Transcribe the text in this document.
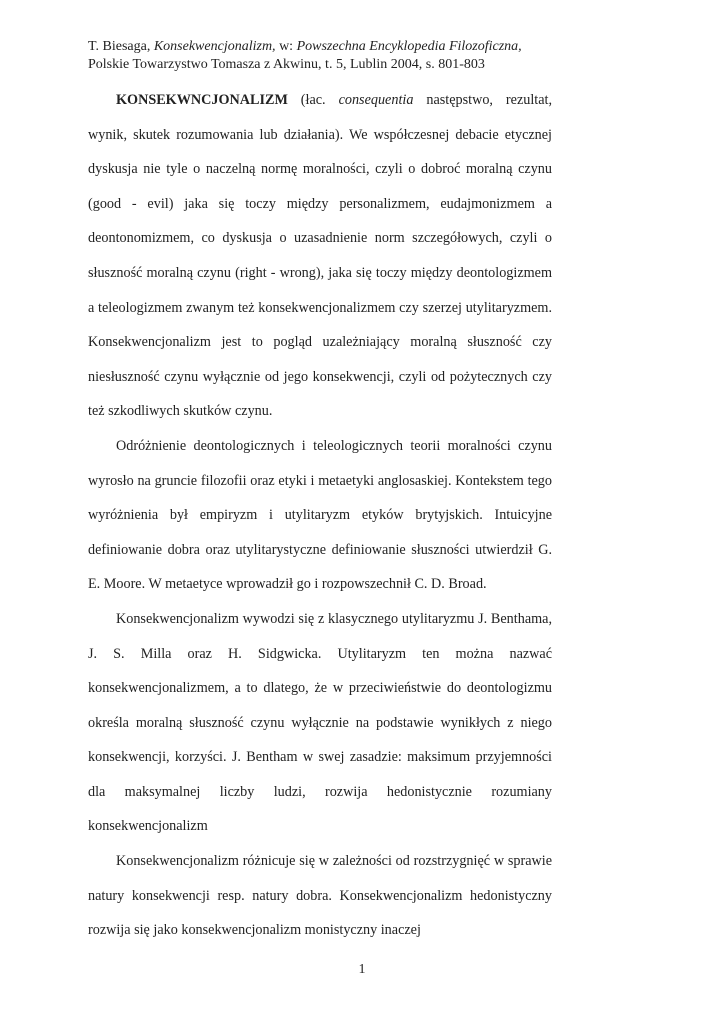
T. Biesaga, Konsekwencjonalizm, w: Powszechna Encyklopedia Filozoficzna,
Polskie Towarzystwo Tomasza z Akwinu, t. 5, Lublin 2004, s. 801-803

KONSEKWNCJONALIZM (łac. consequentia następstwo, rezultat, wynik, skutek rozumowania lub działania). We współczesnej debacie etycznej dyskusja nie tyle o naczelną normę moralności, czyli o dobroć moralną czynu (good - evil) jaka się toczy między personalizmem, eudajmonizmem a deontonomizmem, co dyskusja o uzasadnienie norm szczegółowych, czyli o słuszność moralną czynu (right - wrong), jaka się toczy między deontologizmem a teleologizmem zwanym też konsekwencjonalizmem czy szerzej utylitaryzmem. Konsekwencjonalizm jest to pogląd uzależniający moralną słuszność czy niesłuszność czynu wyłącznie od jego konsekwencji, czyli od pożytecznych czy też szkodliwych skutków czynu.

Odróżnienie deontologicznych i teleologicznych teorii moralności czynu wyrosło na gruncie filozofii oraz etyki i metaetyki anglosaskiej. Kontekstem tego wyróżnienia był empiryzm i utylitaryzm etyków brytyjskich. Intuicyjne definiowanie dobra oraz utylitarystyczne definiowanie słuszności utwierdził G. E. Moore. W metaetyce wprowadził go i rozpowszechnił C. D. Broad.

Konsekwencjonalizm wywodzi się z klasycznego utylitaryzmu J. Benthama, J. S. Milla oraz H. Sidgwicka. Utylitaryzm ten można nazwać konsekwencjonalizmem, a to dlatego, że w przeciwieństwie do deontologizmu określa moralną słuszność czynu wyłącznie na podstawie wynikłych z niego konsekwencji, korzyści. J. Bentham w swej zasadzie: maksimum przyjemności dla maksymalnej liczby ludzi, rozwija hedonistycznie rozumiany konsekwencjonalizm

Konsekwencjonalizm różnicuje się w zależności od rozstrzygnięć w sprawie natury konsekwencji resp. natury dobra. Konsekwencjonalizm hedonistyczny rozwija się jako konsekwencjonalizm monistyczny inaczej

1
